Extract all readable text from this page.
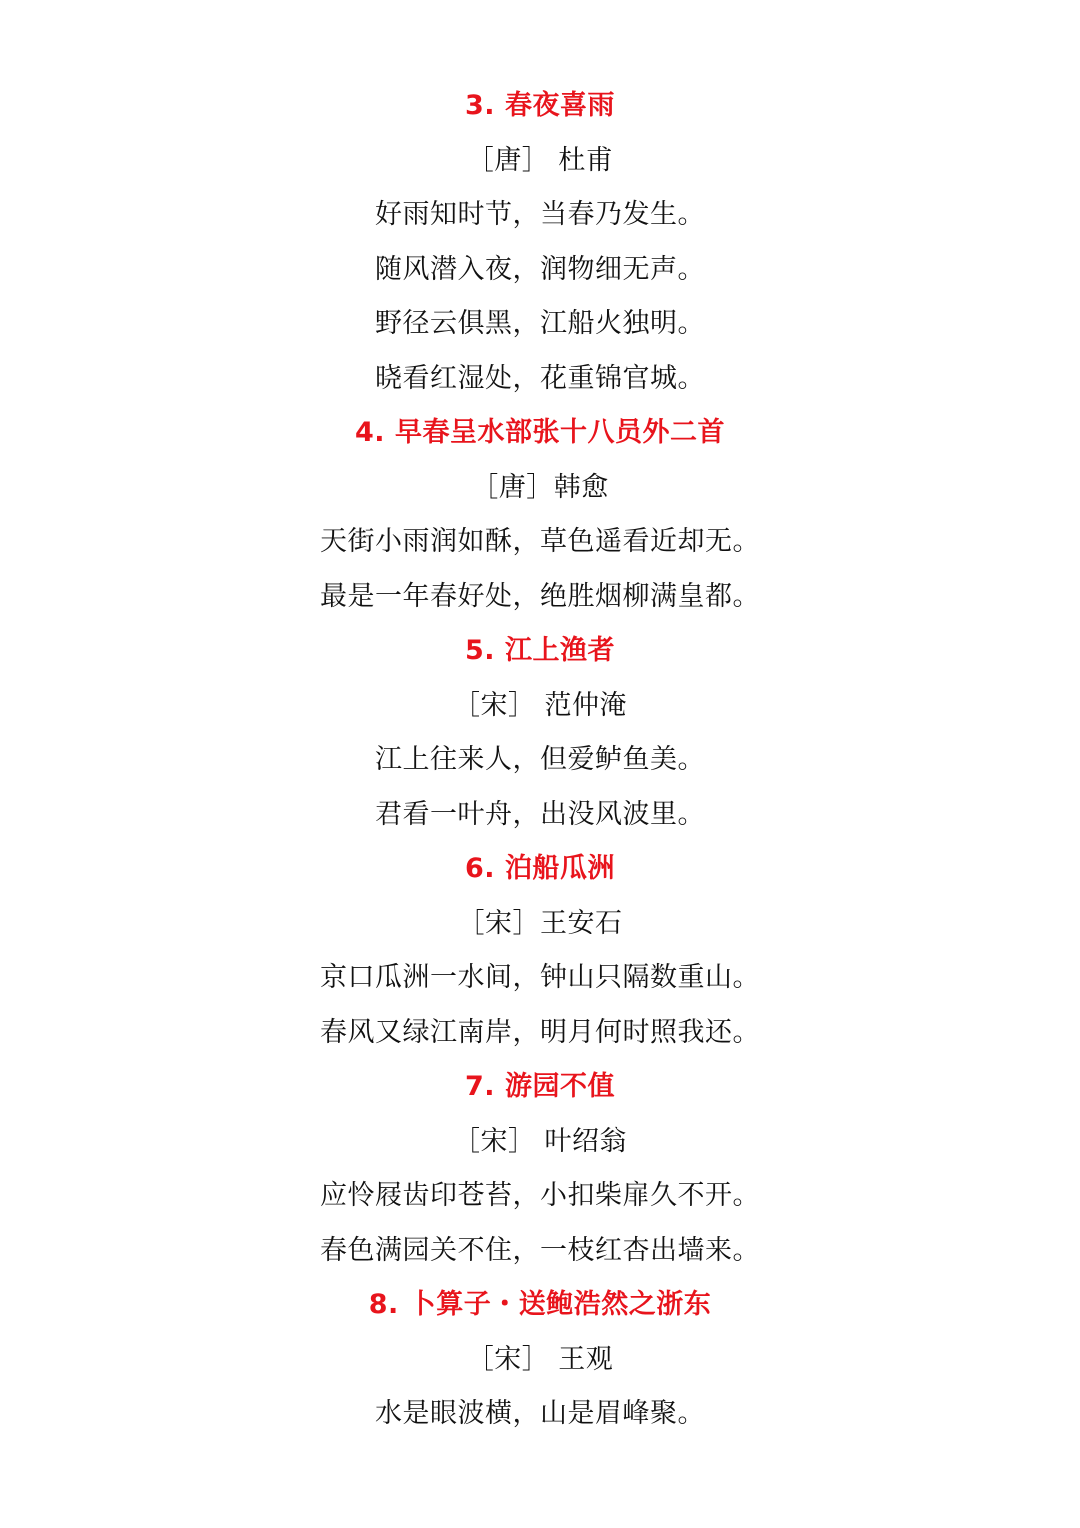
3. 春夜喜雨
［唐］ 杜甫
好雨知时节，当春乃发生。
随风潜入夜，润物细无声。
野径云俱黑，江船火独明。
晓看红湿处，花重锦官城。
4. 早春呈水部张十八员外二首
［唐］韩愈
天街小雨润如酥，草色遥看近却无。
最是一年春好处，绝胜烟柳满皇都。
5. 江上渔者
［宋］ 范仲淹
江上往来人，但爱鲈鱼美。
君看一叶舟，出没风波里。
6. 泊船瓜洲
［宋］王安石
京口瓜洲一水间，钟山只隔数重山。
春风又绿江南岸，明月何时照我还。
7. 游园不值
［宋］ 叶绍翁
应怜屐齿印苍苔，小扣柴扉久不开。
春色满园关不住，一枝红杏出墙来。
8. 卜算子・送鲍浩然之浙东
［宋］ 王观
水是眼波横，山是眉峰聚。
